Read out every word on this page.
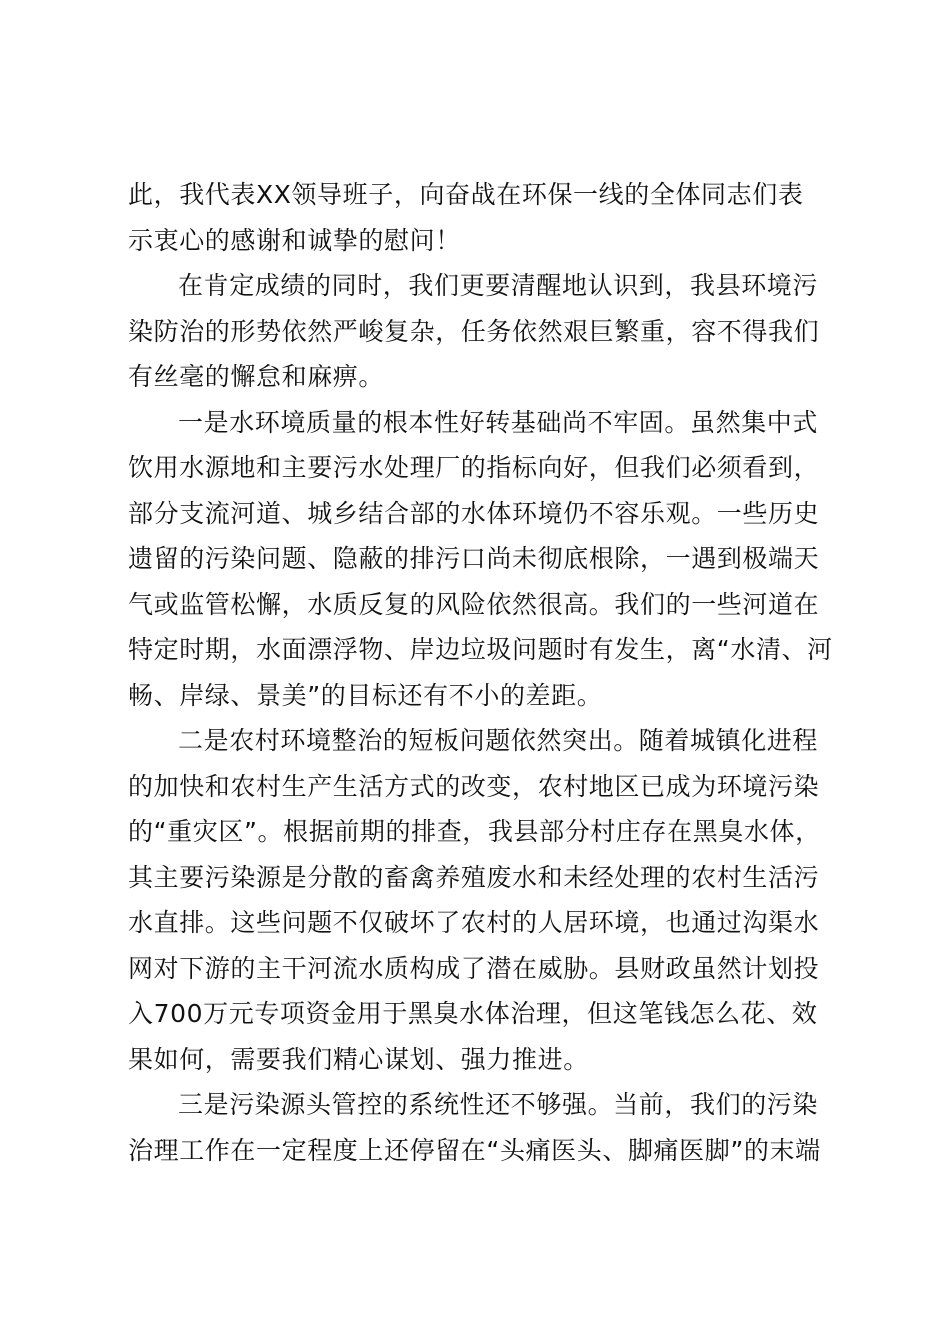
此，我代表XX领导班子，向奋战在环保一线的全体同志们表
示衷心的感谢和诚挚的慰问！

在肯定成绩的同时，我们更要清醒地认识到，我县环境污
染防治的形势依然严峻复杂，任务依然艰巨繁重，容不得我们
有丝毫的懈怠和麻痹。

一是水环境质量的根本性好转基础尚不牢固。虽然集中式
饮用水源地和主要污水处理厂的指标向好，但我们必须看到，
部分支流河道、城乡结合部的水体环境仍不容乐观。一些历史
遗留的污染问题、隐蔽的排污口尚未彻底根除，一遇到极端天
气或监管松懈，水质反复的风险依然很高。我们的一些河道在
特定时期，水面漂浮物、岸边垃圾问题时有发生，离“水清、河
畅、岸绿、景美”的目标还有不小的差距。

二是农村环境整治的短板问题依然突出。随着城镇化进程
的加快和农村生产生活方式的改变，农村地区已成为环境污染
的“重灾区”。根据前期的排查，我县部分村庄存在黑臭水体，
其主要污染源是分散的畜禽养殖废水和未经处理的农村生活污
水直排。这些问题不仅破坏了农村的人居环境，也通过沟渠水
网对下游的主干河流水质构成了潜在威胁。县财政虽然计划投
入700万元专项资金用于黑臭水体治理，但这笔钱怎么花、效
果如何，需要我们精心谋划、强力推进。

三是污染源头管控的系统性还不够强。当前，我们的污染
治理工作在一定程度上还停留在“头痛医头、脚痛医脚”的末端
